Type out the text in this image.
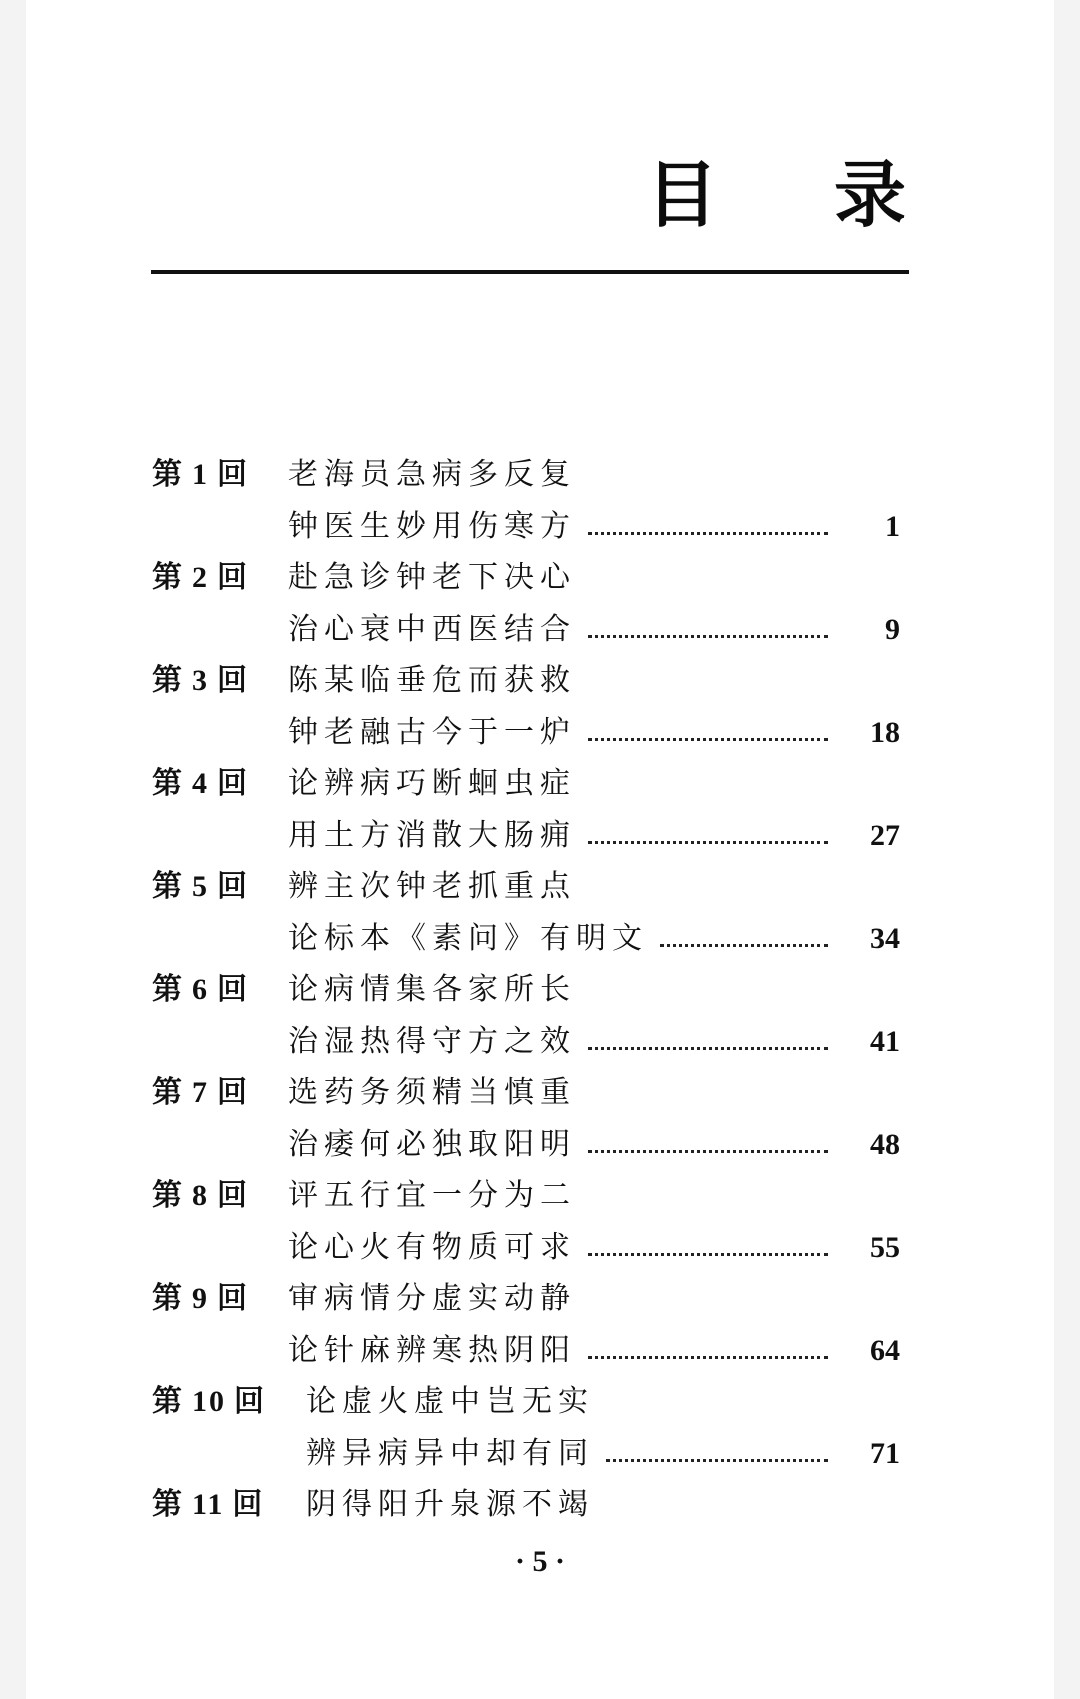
目 录
第 1 回 老海员急病多反复
钟医生妙用伤寒方	1
第 2 回 赴急诊钟老下决心
治心衰中西医结合	9
第 3 回 陈某临垂危而获救
钟老融古今于一炉	18
第 4 回 论辨病巧断蛔虫症
用土方消散大肠痈	27
第 5 回 辨主次钟老抓重点
论标本《素问》有明文	34
第 6 回 论病情集各家所长
治湿热得守方之效	41
第 7 回 选药务须精当慎重
治痿何必独取阳明	48
第 8 回 评五行宜一分为二
论心火有物质可求	55
第 9 回 审病情分虚实动静
论针麻辨寒热阴阳	64
第 10 回 论虚火虚中岂无实
辨异病异中却有同	71
第 11 回 阴得阳升泉源不竭
· 5 ·
